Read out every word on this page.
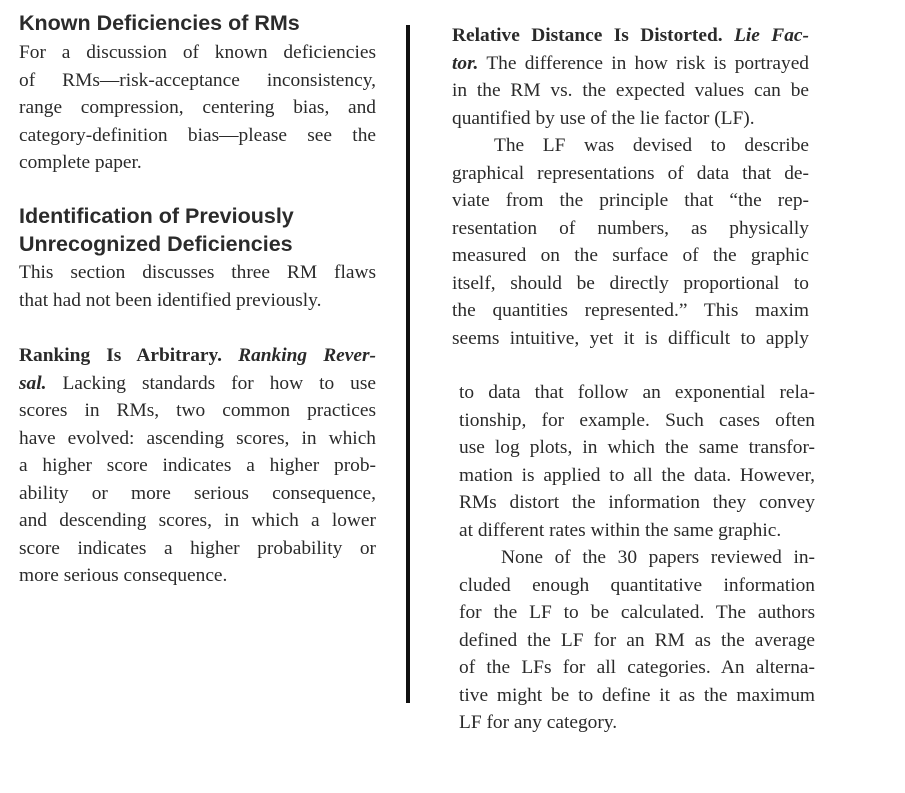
Known Deficiencies of RMs
For a discussion of known deficiencies
of RMs—risk-acceptance inconsistency,
range compression, centering bias, and
category-definition bias—please see the
complete paper.
Identification of Previously
Unrecognized Deficiencies
This section discusses three RM flaws
that had not been identified previously.
Ranking Is Arbitrary. Ranking Rever-
sal. Lacking standards for how to use
scores in RMs, two common practices
have evolved: ascending scores, in which
a higher score indicates a higher prob-
ability or more serious consequence,
and descending scores, in which a lower
score indicates a higher probability or
more serious consequence.
Relative Distance Is Distorted. Lie Fac-
tor. The difference in how risk is portrayed
in the RM vs. the expected values can be
quantified by use of the lie factor (LF).
The LF was devised to describe
graphical representations of data that de-
viate from the principle that “the rep-
resentation of numbers, as physically
measured on the surface of the graphic
itself, should be directly proportional to
the quantities represented.” This maxim
seems intuitive, yet it is difficult to apply
to data that follow an exponential rela-
tionship, for example. Such cases often
use log plots, in which the same transfor-
mation is applied to all the data. However,
RMs distort the information they convey
at different rates within the same graphic.
None of the 30 papers reviewed in-
cluded enough quantitative information
for the LF to be calculated. The authors
defined the LF for an RM as the average
of the LFs for all categories. An alterna-
tive might be to define it as the maximum
LF for any category.
